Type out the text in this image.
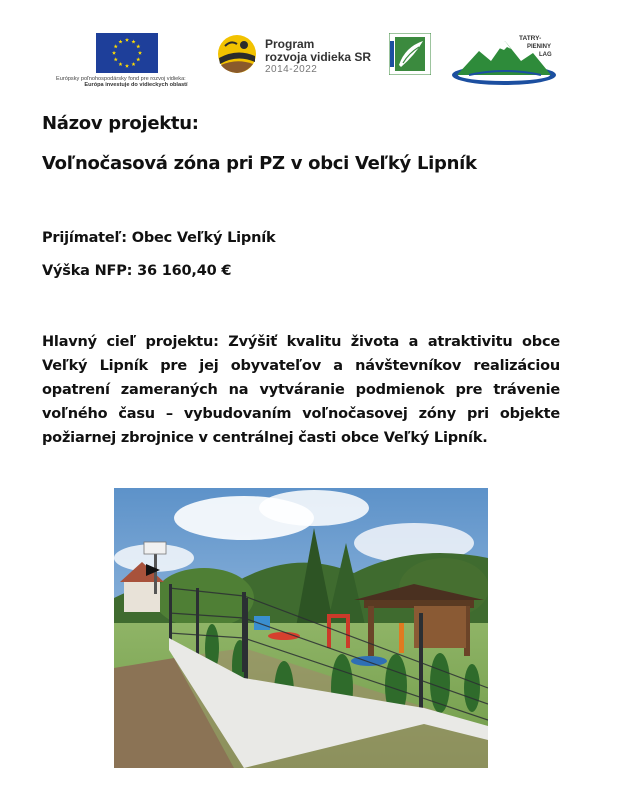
Európsky poľnohospodársky fond pre rozvoj vidieka:
Európa investuje do vidieckych oblastí
Program
rozvoja vidieka SR
2014-2022
TATRY-
PIENINY
LAG
Názov projektu:
Voľnočasová zóna pri PZ v obci Veľký Lipník
Prijímateľ: Obec Veľký Lipník
Výška NFP: 36 160,40 €
Hlavný cieľ projektu: Zvýšiť kvalitu života a atraktivitu obce Veľký Lipník pre jej obyvateľov a návštevníkov realizáciou opatrení zameraných na vytváranie podmienok pre trávenie voľného času – vybudovaním voľnočasovej zóny pri objekte požiarnej zbrojnice v centrálnej časti obce Veľký Lipník.
